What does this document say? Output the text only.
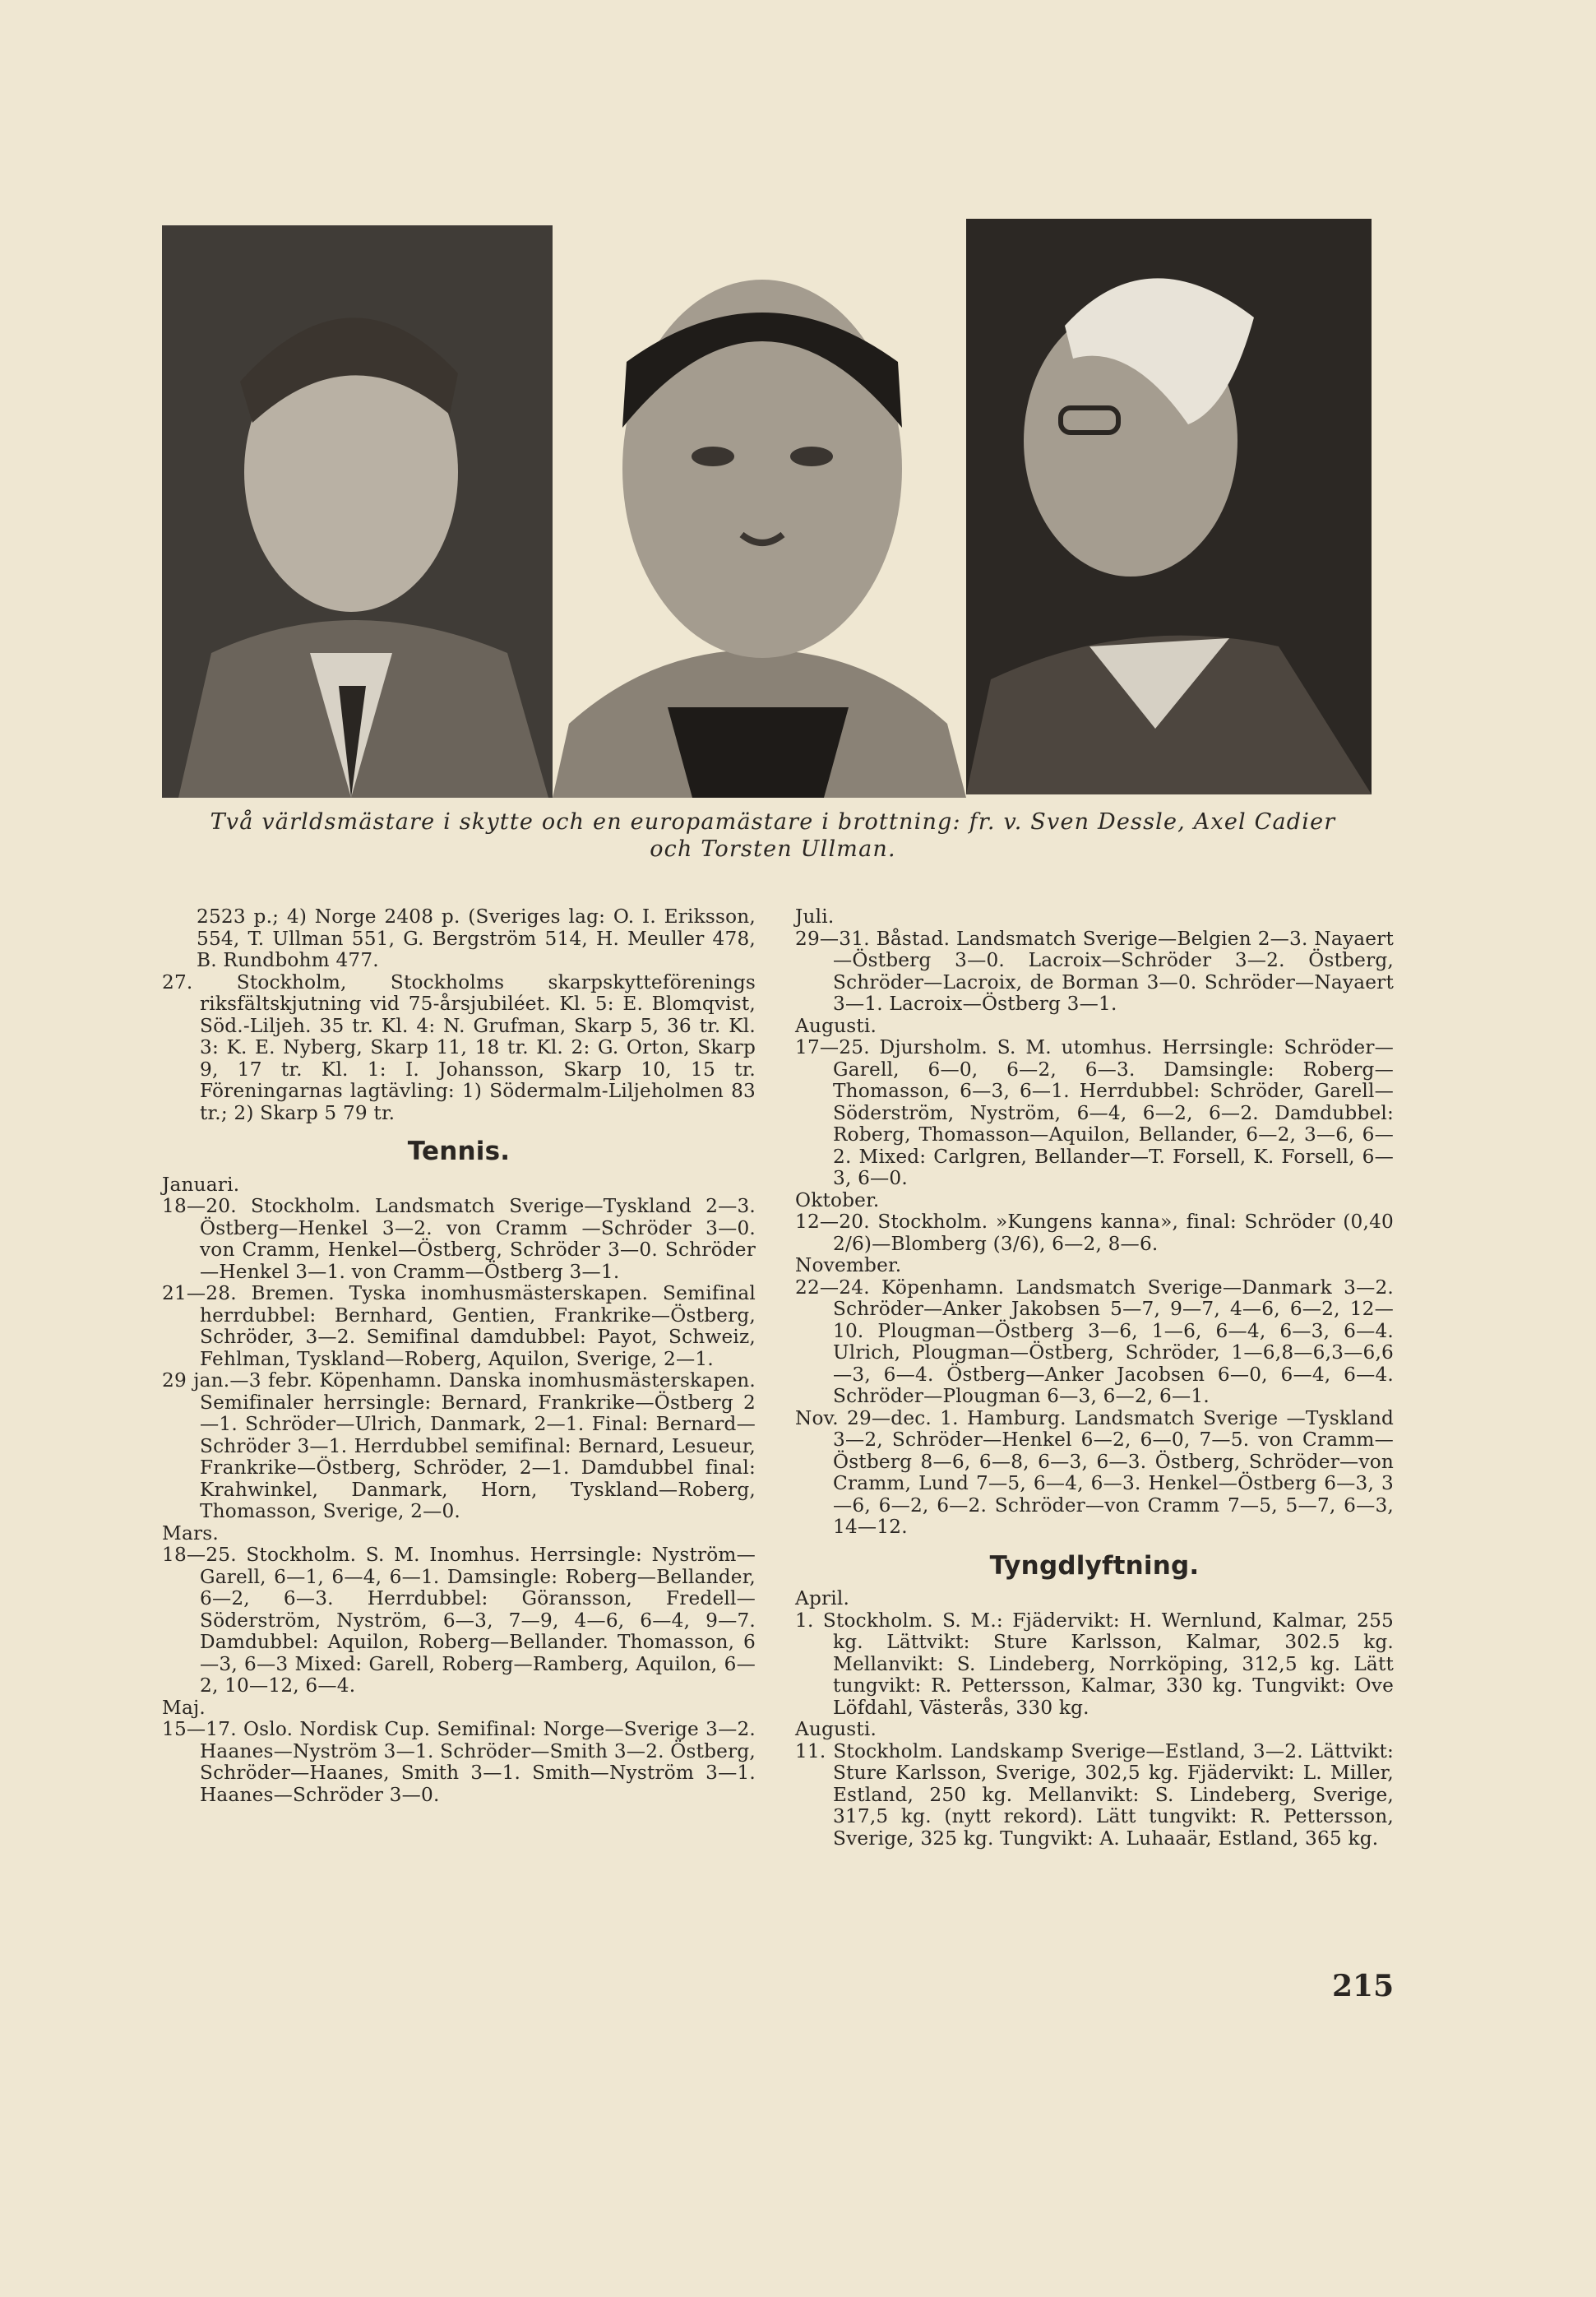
Två världsmästare i skytte och en europamästare i brottning: fr. v. Sven Dessle, Axel Cadier
och Torsten Ullman.

2523 p.; 4) Norge 2408 p. (Sveriges lag: O. I. Eriksson, 554, T. Ullman 551, G. Bergström 514, H. Meuller 478, B. Rundbohm 477.

27. Stockholm, Stockholms skarpskytteförenings riksfältskjutning vid 75-årsjubiléet. Kl. 5: E. Blomqvist, Söd.-Liljeh. 35 tr. Kl. 4: N. Grufman, Skarp 5, 36 tr. Kl. 3: K. E. Nyberg, Skarp 11, 18 tr. Kl. 2: G. Orton, Skarp 9, 17 tr. Kl. 1: I. Johansson, Skarp 10, 15 tr. Föreningarnas lagtävling: 1) Södermalm-Liljeholmen 83 tr.; 2) Skarp 5 79 tr.

Tennis.

Januari.

18—20. Stockholm. Landsmatch Sverige—Tyskland 2—3. Östberg—Henkel 3—2. von Cramm —Schröder 3—0. von Cramm, Henkel—Östberg, Schröder 3—0. Schröder—Henkel 3—1. von Cramm—Östberg 3—1.

21—28. Bremen. Tyska inomhusmästerskapen. Semifinal herrdubbel: Bernhard, Gentien, Frankrike—Östberg, Schröder, 3—2. Semifinal damdubbel: Payot, Schweiz, Fehlman, Tyskland—Roberg, Aquilon, Sverige, 2—1.

29 jan.—3 febr. Köpenhamn. Danska inomhusmästerskapen. Semifinaler herrsingle: Bernard, Frankrike—Östberg 2—1. Schröder—Ulrich, Danmark, 2—1. Final: Bernard—Schröder 3—1. Herrdubbel semifinal: Bernard, Lesueur, Frankrike—Östberg, Schröder, 2—1. Damdubbel final: Krahwinkel, Danmark, Horn, Tyskland—Roberg, Thomasson, Sverige, 2—0.

Mars.

18—25. Stockholm. S. M. Inomhus. Herrsingle: Nyström—Garell, 6—1, 6—4, 6—1. Damsingle: Roberg—Bellander, 6—2, 6—3. Herrdubbel: Göransson, Fredell—Söderström, Nyström, 6—3, 7—9, 4—6, 6—4, 9—7. Damdubbel: Aquilon, Roberg—Bellander. Thomasson, 6—3, 6—3 Mixed: Garell, Roberg—Ramberg, Aquilon, 6—2, 10—12, 6—4.

Maj.

15—17. Oslo. Nordisk Cup. Semifinal: Norge—Sverige 3—2. Haanes—Nyström 3—1. Schröder—Smith 3—2. Östberg, Schröder—Haanes, Smith 3—1. Smith—Nyström 3—1. Haanes—Schröder 3—0.

Juli.

29—31. Båstad. Landsmatch Sverige—Belgien 2—3. Nayaert—Östberg 3—0. Lacroix—Schröder 3—2. Östberg, Schröder—Lacroix, de Borman 3—0. Schröder—Nayaert 3—1. Lacroix—Östberg 3—1.

Augusti.

17—25. Djursholm. S. M. utomhus. Herrsingle: Schröder—Garell, 6—0, 6—2, 6—3. Damsingle: Roberg—Thomasson, 6—3, 6—1. Herrdubbel: Schröder, Garell—Söderström, Nyström, 6—4, 6—2, 6—2. Damdubbel: Roberg, Thomasson—Aquilon, Bellander, 6—2, 3—6, 6—2. Mixed: Carlgren, Bellander—T. Forsell, K. Forsell, 6—3, 6—0.

Oktober.

12—20. Stockholm. »Kungens kanna», final: Schröder (0,40 2/6)—Blomberg (3/6), 6—2, 8—6.

November.

22—24. Köpenhamn. Landsmatch Sverige—Danmark 3—2. Schröder—Anker Jakobsen 5—7, 9—7, 4—6, 6—2, 12—10. Plougman—Östberg 3—6, 1—6, 6—4, 6—3, 6—4. Ulrich, Plougman—Östberg, Schröder, 1—6,8—6,3—6,6—3, 6—4. Östberg—Anker Jacobsen 6—0, 6—4, 6—4. Schröder—Plougman 6—3, 6—2, 6—1.

Nov. 29—dec. 1. Hamburg. Landsmatch Sverige —Tyskland 3—2, Schröder—Henkel 6—2, 6—0, 7—5. von Cramm—Östberg 8—6, 6—8, 6—3, 6—3. Östberg, Schröder—von Cramm, Lund 7—5, 6—4, 6—3. Henkel—Östberg 6—3, 3—6, 6—2, 6—2. Schröder—von Cramm 7—5, 5—7, 6—3, 14—12.

Tyngdlyftning.

April.

1. Stockholm. S. M.: Fjädervikt: H. Wernlund, Kalmar, 255 kg. Lättvikt: Sture Karlsson, Kalmar, 302.5 kg. Mellanvikt: S. Lindeberg, Norrköping, 312,5 kg. Lätt tungvikt: R. Pettersson, Kalmar, 330 kg. Tungvikt: Ove Löfdahl, Västerås, 330 kg.

Augusti.

11. Stockholm. Landskamp Sverige—Estland, 3—2. Lättvikt: Sture Karlsson, Sverige, 302,5 kg. Fjädervikt: L. Miller, Estland, 250 kg. Mellanvikt: S. Lindeberg, Sverige, 317,5 kg. (nytt rekord). Lätt tungvikt: R. Pettersson, Sverige, 325 kg. Tungvikt: A. Luhaaär, Estland, 365 kg.

215
